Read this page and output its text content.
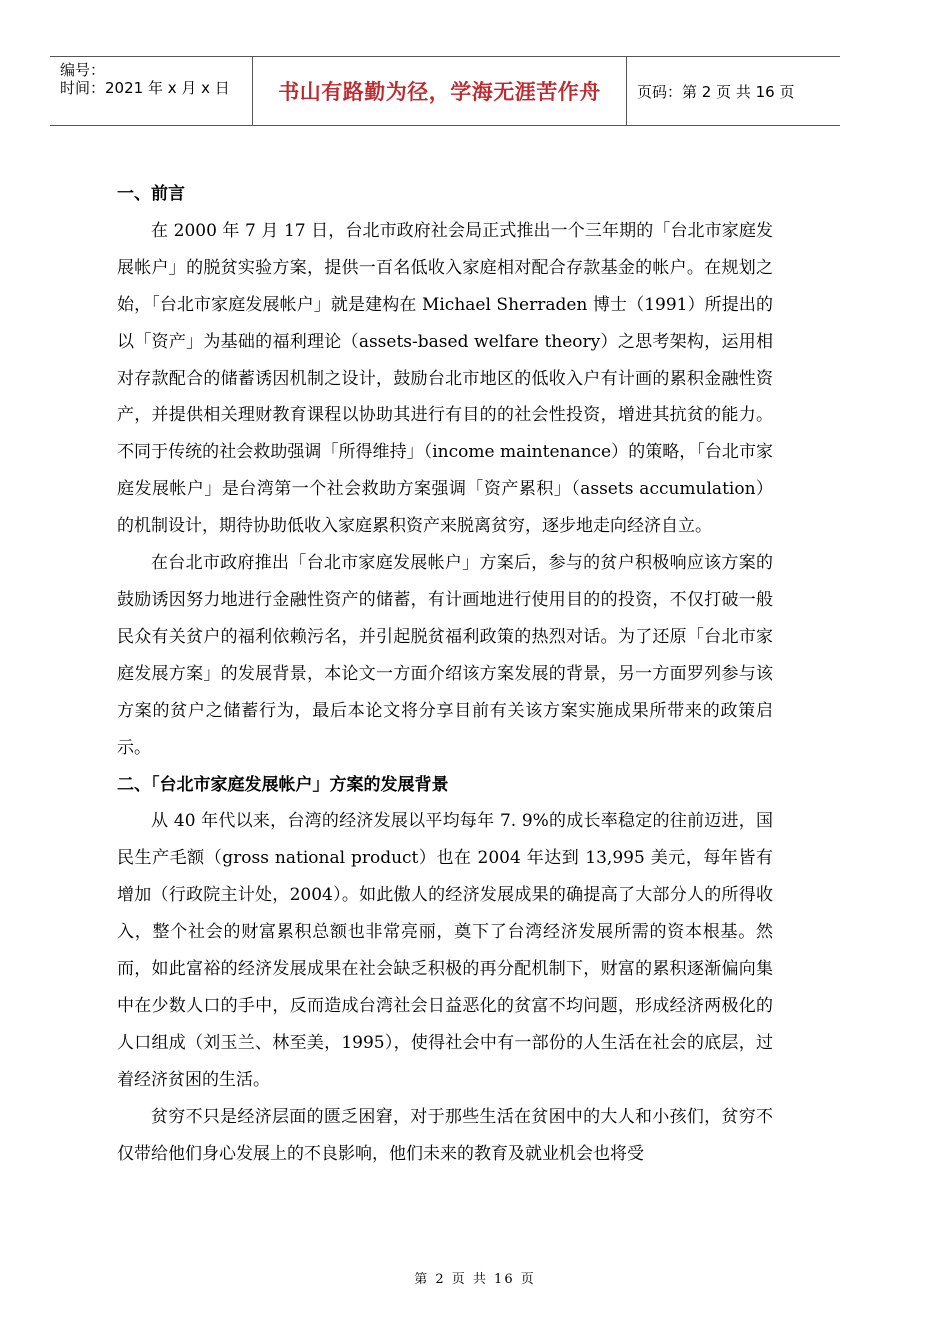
编号：
时间：2021 年 x 月 x 日 书山有路勤为径，学海无涯苦作舟 页码：第 2 页 共 16 页
一、前言

在 2000 年 7 月 17 日，台北市政府社会局正式推出一个三年期的「台北市家庭发展帐户」的脱贫实验方案，提供一百名低收入家庭相对配合存款基金的帐户。在规划之始，「台北市家庭发展帐户」就是建构在 Michael Sherraden 博士（1991）所提出的以「资产」为基础的福利理论（assets-based welfare theory）之思考架构，运用相对存款配合的储蓄诱因机制之设计，鼓励台北市地区的低收入户有计画的累积金融性资产，并提供相关理财教育课程以协助其进行有目的的社会性投资，增进其抗贫的能力。不同于传统的社会救助强调「所得维持」（income maintenance）的策略，「台北市家庭发展帐户」是台湾第一个社会救助方案强调「资产累积」（assets accumulation）的机制设计，期待协助低收入家庭累积资产来脱离贫穷，逐步地走向经济自立。

在台北市政府推出「台北市家庭发展帐户」方案后，参与的贫户积极响应该方案的鼓励诱因努力地进行金融性资产的储蓄，有计画地进行使用目的的投资，不仅打破一般民众有关贫户的福利依赖污名，并引起脱贫福利政策的热烈对话。为了还原「台北市家庭发展方案」的发展背景，本论文一方面介绍该方案发展的背景，另一方面罗列参与该方案的贫户之储蓄行为，最后本论文将分享目前有关该方案实施成果所带来的政策启示。

二、「台北市家庭发展帐户」方案的发展背景

从 40 年代以来，台湾的经济发展以平均每年 7. 9%的成长率稳定的往前迈进，国民生产毛额（gross national product）也在 2004 年达到 13,995 美元，每年皆有增加（行政院主计处，2004）。如此傲人的经济发展成果的确提高了大部分人的所得收入，整个社会的财富累积总额也非常亮丽，奠下了台湾经济发展所需的资本根基。然而，如此富裕的经济发展成果在社会缺乏积极的再分配机制下，财富的累积逐渐偏向集中在少数人口的手中，反而造成台湾社会日益恶化的贫富不均问题，形成经济两极化的人口组成（刘玉兰、林至美，1995），使得社会中有一部份的人生活在社会的底层，过着经济贫困的生活。

贫穷不只是经济层面的匮乏困窘，对于那些生活在贫困中的大人和小孩们，贫穷不仅带给他们身心发展上的不良影响，他们未来的教育及就业机会也将受

第 2 页 共 16 页
